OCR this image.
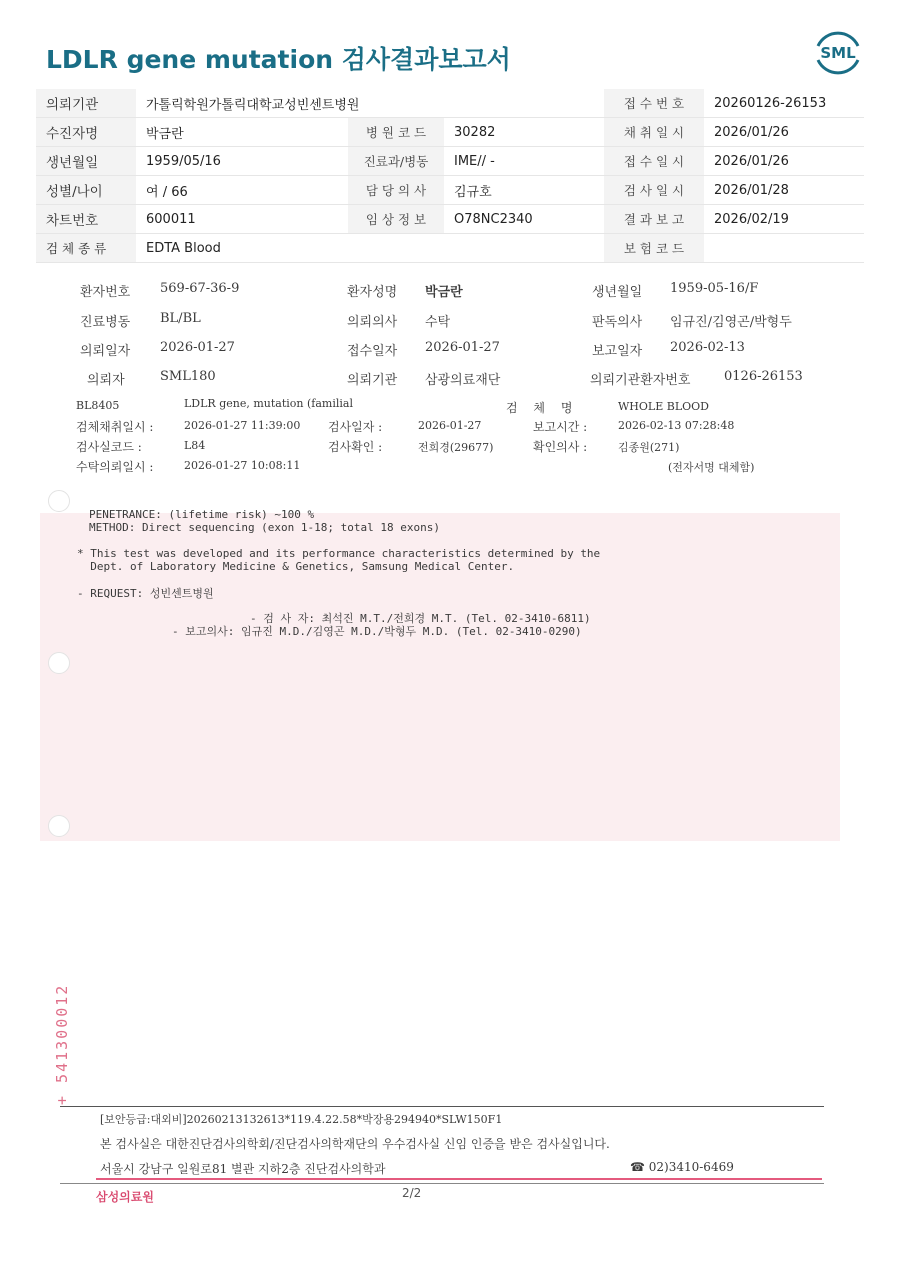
LDLR gene mutation 검사결과보고서	SML
의뢰기관	가톨릭학원가톨릭대학교성빈센트병원			접 수 번 호	20260126-26153
수진자명	박금란	병 원 코 드	30282	채 취 일 시	2026/01/26
생년월일	1959/05/16	진료과/병동	IME// -	접 수 일 시	2026/01/26
성별/나이	여 / 66	담 당 의 사	김규호	검 사 일 시	2026/01/28
차트번호	600011	임 상 정 보	O78NC2340	결 과 보 고	2026/02/19
검 체 종 류	EDTA Blood			보 험 코 드	
환자번호 569-67-36-9	환자성명 박금란	생년월일 1959-05-16/F
진료병동 BL/BL	의뢰의사 수탁	판독의사 임규진/김영곤/박형두
의뢰일자 2026-01-27	접수일자 2026-01-27	보고일자 2026-02-13
의뢰자	SML180	의뢰기관 삼광의료재단	의뢰기관환자번호	0126-26153
BL8405	LDLR gene, mutation (familial	검 체 명	WHOLE BLOOD
검체채취일시 :	2026-01-27 11:39:00 검사일자 :	2026-01-27	보고시간 :	2026-02-13 07:28:48
검사실코드 :	L84	검사확인 :	전희경(29677)	확인의사 :	김종원(271)
수탁의뢰일시 :	2026-01-27 10:08:11	(전자서명 대체함)
PENETRANCE: (lifetime risk) ~100 %
METHOD: Direct sequencing (exon 1-18; total 18 exons)
* This test was developed and its performance characteristics determined by the
Dept. of Laboratory Medicine & Genetics, Samsung Medical Center.
- REQUEST: 성빈센트병원
- 검 사 자: 최석진 M.T./전희경 M.T. (Tel. 02-3410-6811)
- 보고의사: 임규진 M.D./김영곤 M.D./박형두 M.D. (Tel. 02-3410-0290)
+ 541300012
[보안등급:대외비]20260213132613*119.4.22.58*박장용294940*SLW150F1
본 검사실은 대한진단검사의학회/진단검사의학재단의 우수검사실 신임 인증을 받은 검사실입니다.
서울시 강남구 일원로81 별관 지하2층 진단검사의학과	☎ 02)3410-6469
삼성의료원	2/2
